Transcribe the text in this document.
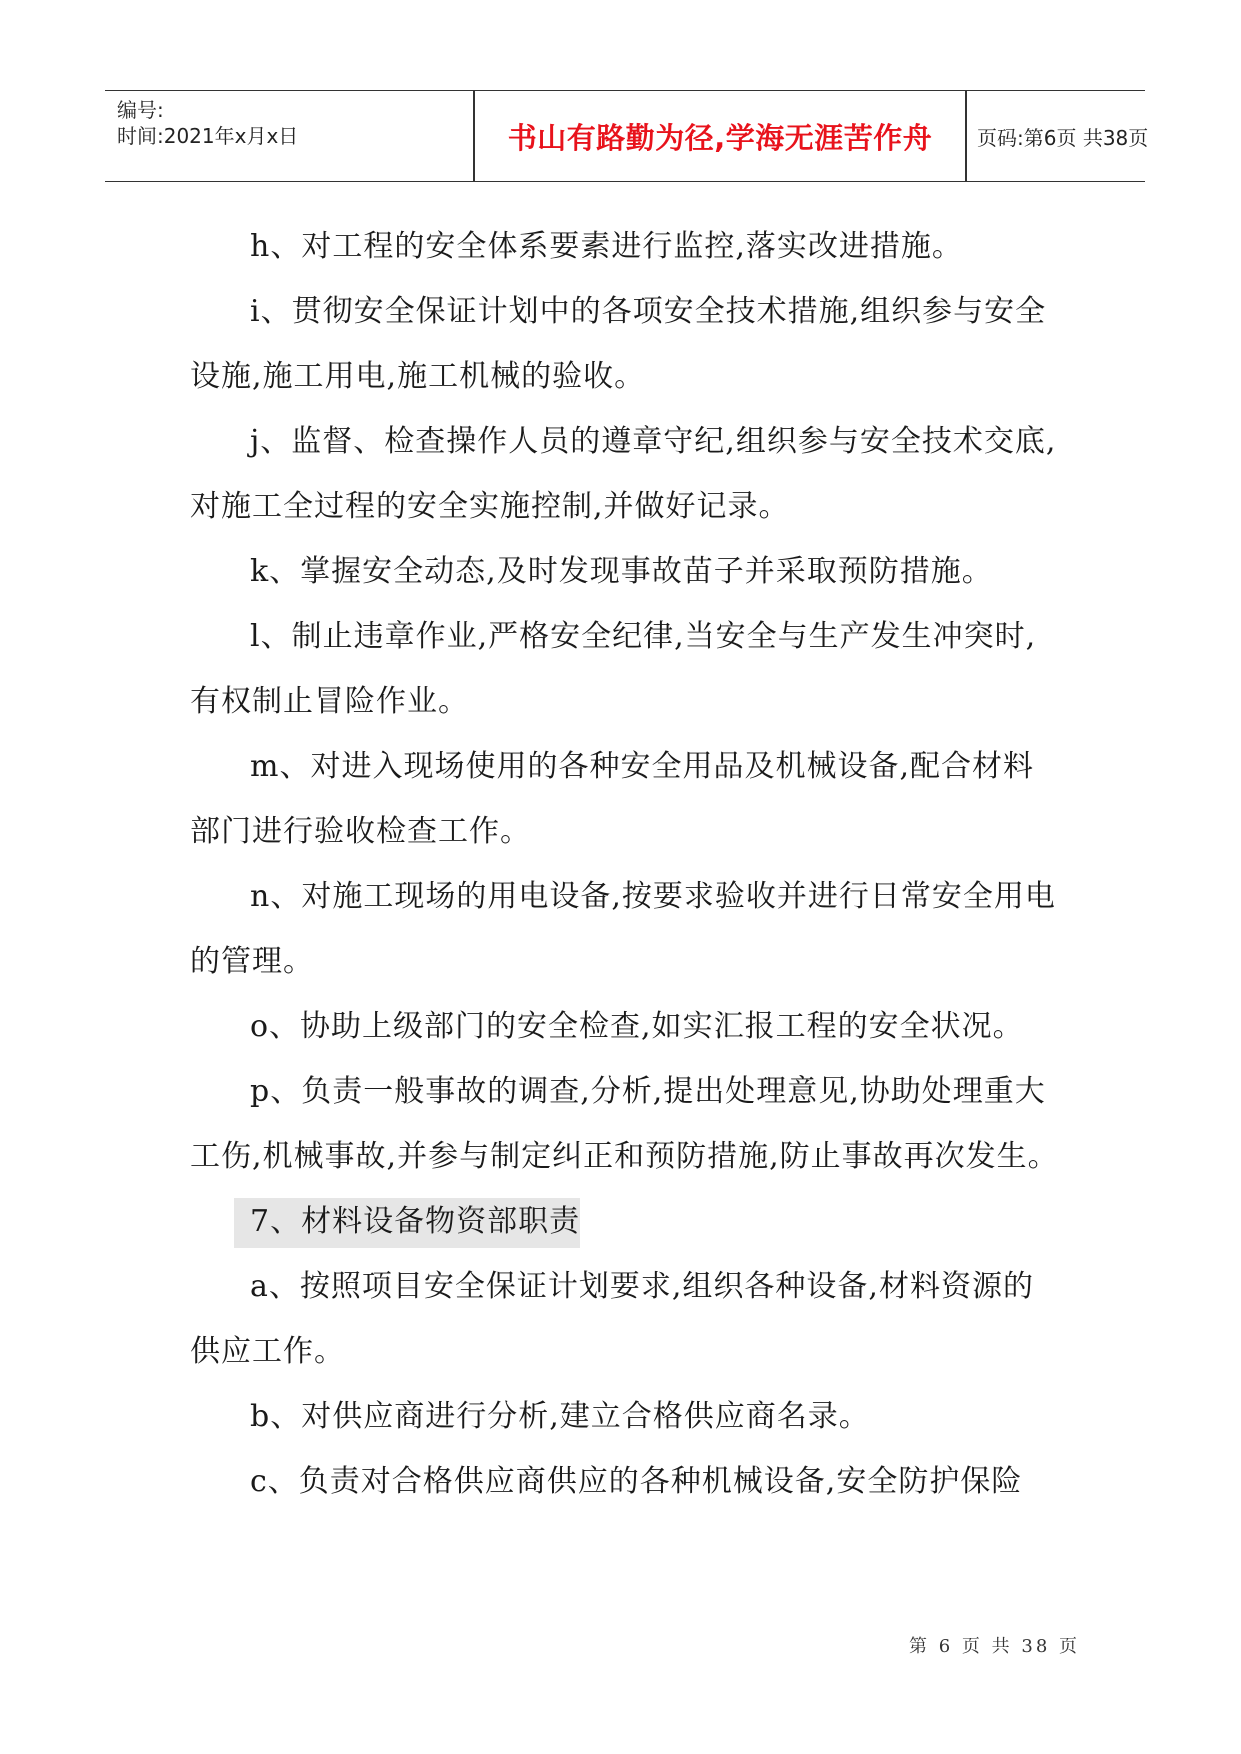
编号:
时间:2021年x月x日	书山有路勤为径,学海无涯苦作舟	页码:第6页 共38页

h、对工程的安全体系要素进行监控,落实改进措施。

i、贯彻安全保证计划中的各项安全技术措施,组织参与安全设施,施工用电,施工机械的验收。

j、监督、检查操作人员的遵章守纪,组织参与安全技术交底,对施工全过程的安全实施控制,并做好记录。

k、掌握安全动态,及时发现事故苗子并采取预防措施。

l、制止违章作业,严格安全纪律,当安全与生产发生冲突时,有权制止冒险作业。

m、对进入现场使用的各种安全用品及机械设备,配合材料部门进行验收检查工作。

n、对施工现场的用电设备,按要求验收并进行日常安全用电的管理。

o、协助上级部门的安全检查,如实汇报工程的安全状况。

p、负责一般事故的调查,分析,提出处理意见,协助处理重大工伤,机械事故,并参与制定纠正和预防措施,防止事故再次发生。

7、材料设备物资部职责

a、按照项目安全保证计划要求,组织各种设备,材料资源的供应工作。

b、对供应商进行分析,建立合格供应商名录。

c、负责对合格供应商供应的各种机械设备,安全防护保险

第 6 页 共 38 页
